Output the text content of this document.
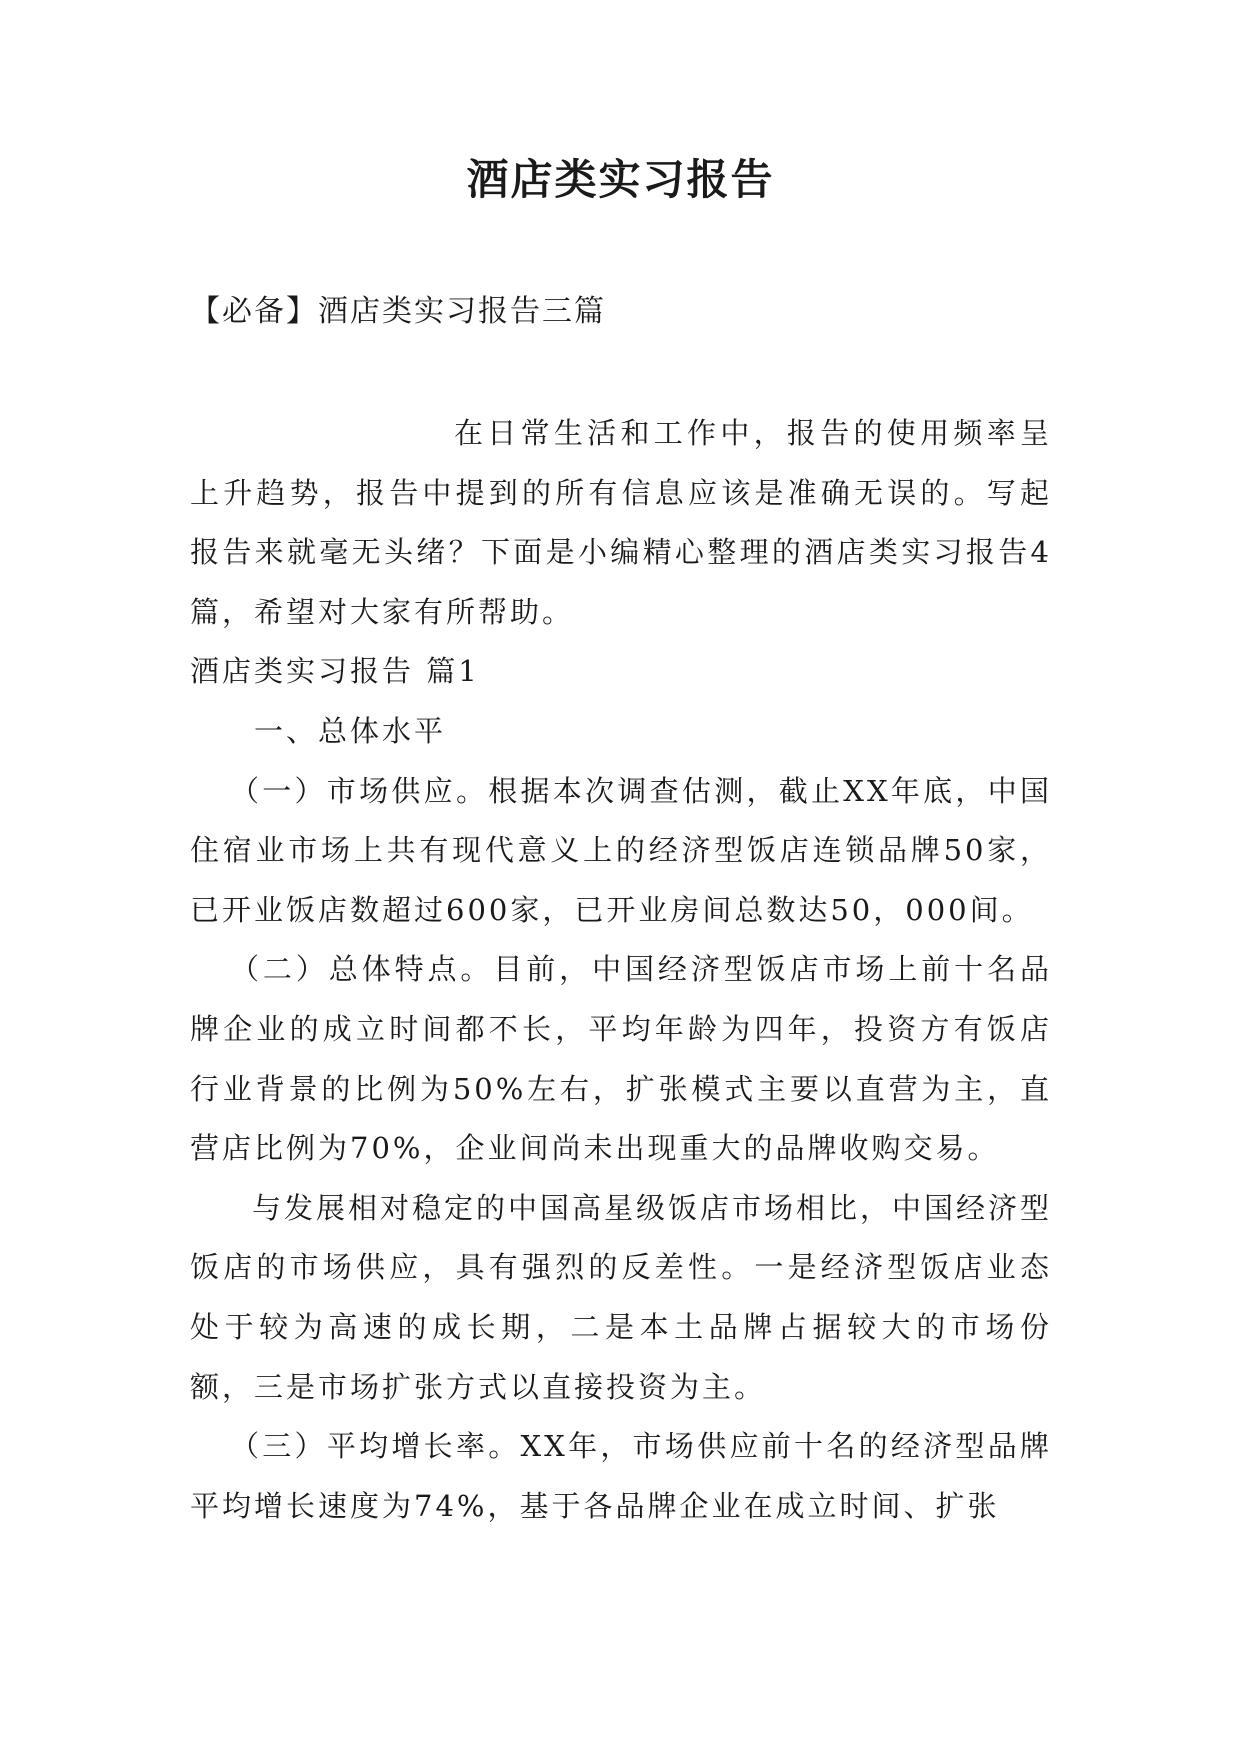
酒店类实习报告

【必备】酒店类实习报告三篇

在日常生活和工作中，报告的使用频率呈上升趋势，报告中提到的所有信息应该是准确无误的。写起报告来就毫无头绪？下面是小编精心整理的酒店类实习报告4篇，希望对大家有所帮助。

酒店类实习报告 篇1

一、总体水平

（一）市场供应。根据本次调查估测，截止XX年底，中国住宿业市场上共有现代意义上的经济型饭店连锁品牌50家，已开业饭店数超过600家，已开业房间总数达50，000间。

（二）总体特点。目前，中国经济型饭店市场上前十名品牌企业的成立时间都不长，平均年龄为四年，投资方有饭店行业背景的比例为50%左右，扩张模式主要以直营为主，直营店比例为70%，企业间尚未出现重大的品牌收购交易。

与发展相对稳定的中国高星级饭店市场相比，中国经济型饭店的市场供应，具有强烈的反差性。一是经济型饭店业态处于较为高速的成长期，二是本土品牌占据较大的市场份额，三是市场扩张方式以直接投资为主。

（三）平均增长率。XX年，市场供应前十名的经济型品牌平均增长速度为74%，基于各品牌企业在成立时间、扩张
